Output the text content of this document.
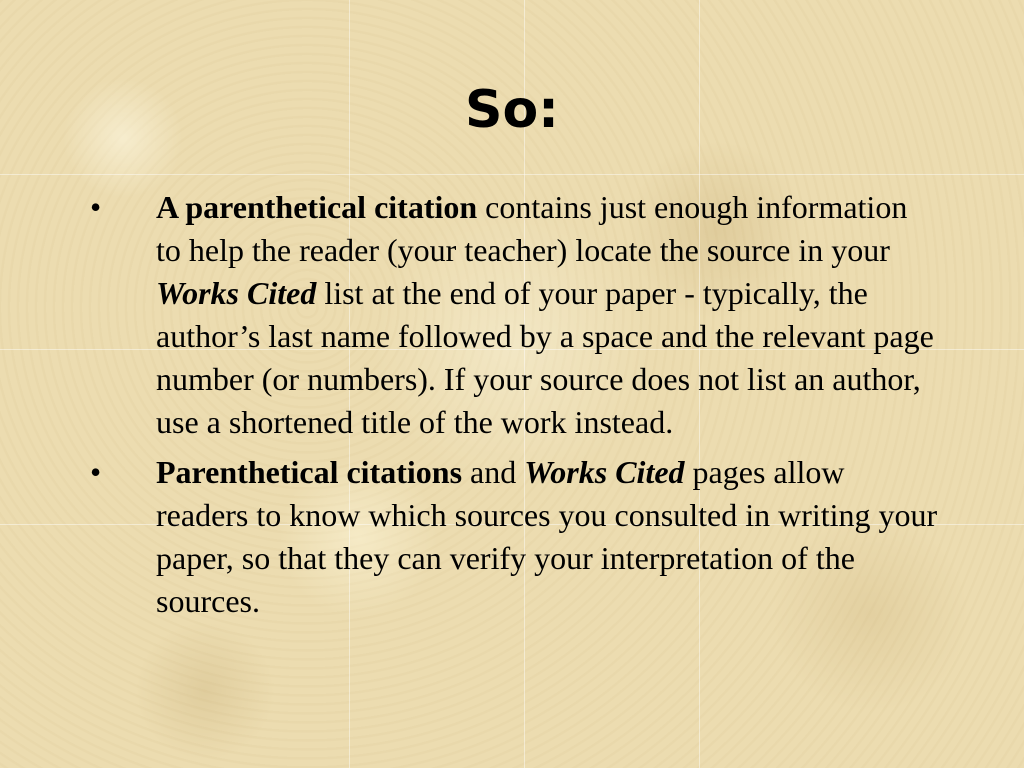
So:
• A parenthetical citation contains just enough information to help the reader (your teacher) locate the source in your Works Cited list at the end of your paper - typically, the author’s last name followed by a space and the relevant page number (or numbers). If your source does not list an author, use a shortened title of the work instead.
• Parenthetical citations and Works Cited pages allow readers to know which sources you consulted in writing your paper, so that they can verify your interpretation of the sources.
